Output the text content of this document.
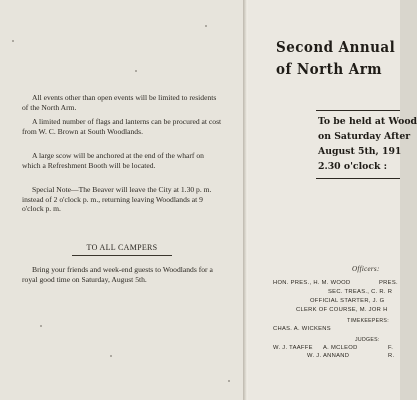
All events other than open events will be limited to residents of the North Arm.
A limited number of flags and lanterns can be procured at cost from W. C. Brown at South Woodlands.
A large scow will be anchored at the end of the wharf on which a Refreshment Booth will be located.
Special Note—The Beaver will leave the City at 1.30 p. m. instead of 2 o'clock p. m., returning leaving Woodlands at 9 o'clock p. m.
TO ALL CAMPERS
Bring your friends and week-end guests to Woodlands for a royal good time on Saturday, August 5th.
Second Annual
of North Arm
To be held at Wood
on Saturday After
August 5th, 191
2.30 o'clock :
Officers:
HON. PRES., H. M. WOOD	PRES.
SEC. TREAS., C. R. R
OFFICIAL STARTER, J. G
CLERK OF COURSE, M. JOR H
TIMEKEEPERS:
CHAS. A. WICKENS
JUDGES:
W. J. TAAFFE A. MCLEOD	F.
W. J. ANNAND	R.
